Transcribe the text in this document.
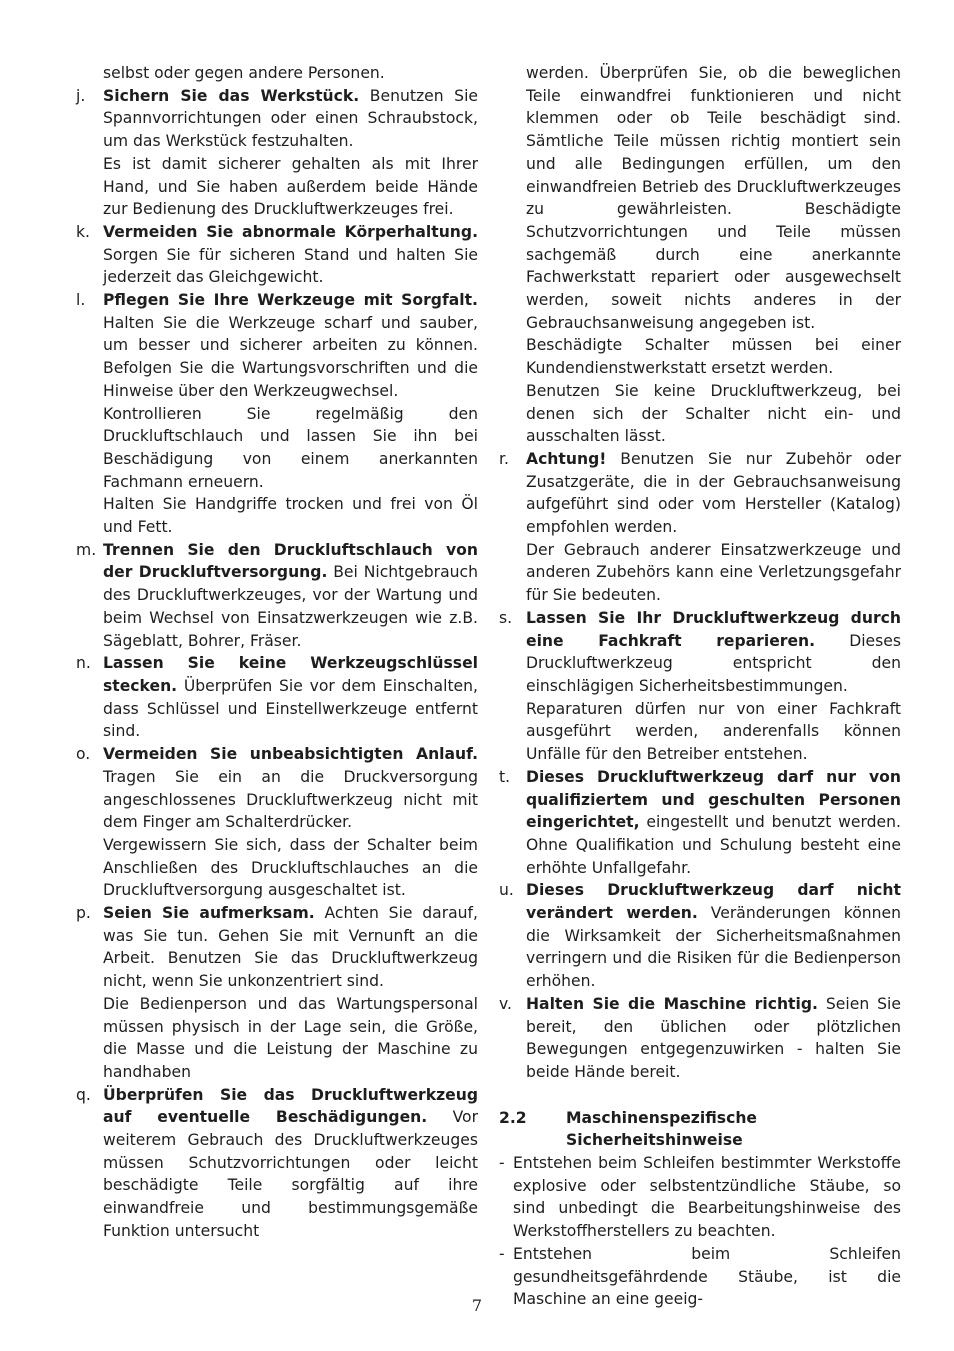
selbst oder gegen andere Personen.
j.	Sichern Sie das Werkstück. Benutzen Sie Spannvorrichtungen oder einen Schraubstock, um das Werkstück festzuhalten.

Es ist damit sicherer gehalten als mit Ihrer Hand, und Sie haben außerdem beide Hände zur Bedienung des Druckluftwerkzeuges frei.

k. Vermeiden Sie abnormale Körperhaltung. Sorgen Sie für sicheren Stand und halten Sie jederzeit das Gleichgewicht.

l.	Pflegen Sie Ihre Werkzeuge mit Sorgfalt. Halten Sie die Werkzeuge scharf und sauber, um besser und sicherer arbeiten zu können. Befolgen Sie die Wartungsvorschriften und die Hinweise über den Werkzeugwechsel.

Kontrollieren Sie regelmäßig den Druckluftschlauch und lassen Sie ihn bei Beschädigung von einem anerkannten Fachmann erneuern.

Halten Sie Handgriffe trocken und frei von Öl und Fett.

m. Trennen Sie den Druckluftschlauch von der Druckluftversorgung. Bei Nichtgebrauch des Druckluftwerkzeuges, vor der Wartung und beim Wechsel von Einsatzwerkzeugen wie z.B. Sägeblatt, Bohrer, Fräser.

n. Lassen Sie keine Werkzeugschlüssel stecken. Überprüfen Sie vor dem Einschalten, dass Schlüssel und Einstellwerkzeuge entfernt sind.

o. Vermeiden Sie unbeabsichtigten Anlauf. Tragen Sie ein an die Druckversorgung angeschlossenes Druckluftwerkzeug nicht mit dem Finger am Schalterdrücker.

Vergewissern Sie sich, dass der Schalter beim Anschließen des Druckluftschlauches an die Druckluftversorgung ausgeschaltet ist.

p. Seien Sie aufmerksam. Achten Sie darauf, was Sie tun. Gehen Sie mit Vernunft an die Arbeit. Benutzen Sie das Druckluftwerkzeug nicht, wenn Sie unkonzentriert sind.

Die Bedienperson und das Wartungspersonal müssen physisch in der Lage sein, die Größe, die Masse und die Leistung der Maschine zu handhaben

q. Überprüfen Sie das Druckluftwerkzeug auf eventuelle Beschädigungen. Vor weiterem Gebrauch des Druckluftwerkzeuges müssen Schutzvorrichtungen oder leicht beschädigte Teile sorgfältig auf ihre einwandfreie und bestimmungsgemäße Funktion untersucht

werden. Überprüfen Sie, ob die beweglichen Teile einwandfrei funktionieren und nicht klemmen oder ob Teile beschädigt sind. Sämtliche Teile müssen richtig montiert sein und alle Bedingungen erfüllen, um den einwandfreien Betrieb des Druckluftwerkzeuges zu gewährleisten. Beschädigte Schutzvorrichtungen und Teile müssen sachgemäß durch eine anerkannte Fachwerkstatt repariert oder ausgewechselt werden, soweit nichts anderes in der Gebrauchsanweisung angegeben ist.

Beschädigte Schalter müssen bei einer Kundendienstwerkstatt ersetzt werden.

Benutzen Sie keine Druckluftwerkzeug, bei denen sich der Schalter nicht ein- und ausschalten lässt.

r.	Achtung! Benutzen Sie nur Zubehör oder Zusatzgeräte, die in der Gebrauchsanweisung aufgeführt sind oder vom Hersteller (Katalog) empfohlen werden.

Der Gebrauch anderer Einsatzwerkzeuge und anderen Zubehörs kann eine Verletzungsgefahr für Sie bedeuten.

s. Lassen Sie Ihr Druckluftwerkzeug durch eine Fachkraft reparieren. Dieses Druckluftwerkzeug entspricht den einschlägigen Sicherheitsbestimmungen.

Reparaturen dürfen nur von einer Fachkraft ausgeführt werden, anderenfalls können Unfälle für den Betreiber entstehen.

t.	Dieses Druckluftwerkzeug darf nur von qualifiziertem und geschulten Personen eingerichtet, eingestellt und benutzt werden. Ohne Qualifikation und Schulung besteht eine erhöhte Unfallgefahr.

u. Dieses Druckluftwerkzeug darf nicht verändert werden. Veränderungen können die Wirksamkeit der Sicherheitsmaßnahmen verringern und die Risiken für die Bedienperson erhöhen.

v. Halten Sie die Maschine richtig. Seien Sie bereit, den üblichen oder plötzlichen Bewegungen entgegenzuwirken - halten Sie beide Hände bereit.

2.2	Maschinenspezifische Sicherheitshinweise
- Entstehen beim Schleifen bestimmter Werkstoffe explosive oder selbstentzündliche Stäube, so sind unbedingt die Bearbeitungshinweise des Werkstoffherstellers zu beachten.
- Entstehen beim Schleifen gesundheitsgefährdende Stäube, ist die Maschine an eine geeig-
7
